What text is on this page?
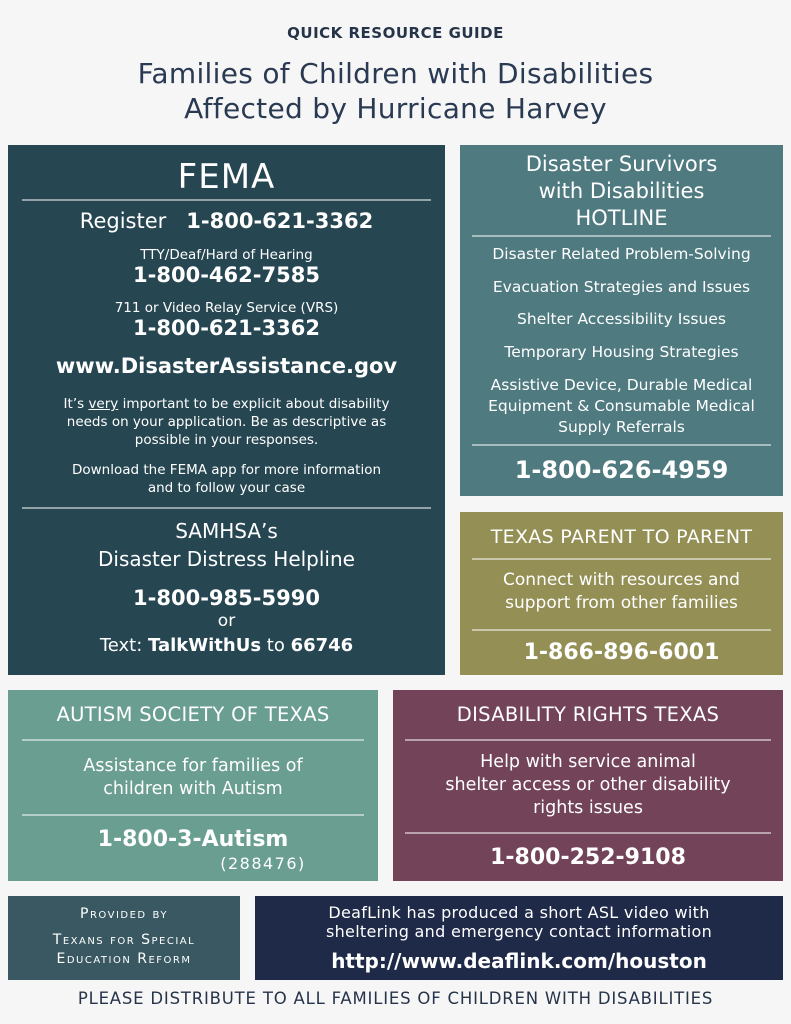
QUICK RESOURCE GUIDE
Families of Children with Disabilities
Affected by Hurricane Harvey
FEMA
Register 1-800-621-3362
TTY/Deaf/Hard of Hearing
1-800-462-7585
711 or Video Relay Service (VRS)
1-800-621-3362
www.DisasterAssistance.gov
It’s very important to be explicit about disability
needs on your application. Be as descriptive as
possible in your responses.
Download the FEMA app for more information
and to follow your case
SAMHSA’s
Disaster Distress Helpline
1-800-985-5990
or
Text: TalkWithUs to 66746
Disaster Survivors
with Disabilities
HOTLINE
Disaster Related Problem-Solving
Evacuation Strategies and Issues
Shelter Accessibility Issues
Temporary Housing Strategies
Assistive Device, Durable Medical
Equipment & Consumable Medical
Supply Referrals
1-800-626-4959
TEXAS PARENT TO PARENT
Connect with resources and
support from other families
1-866-896-6001
AUTISM SOCIETY OF TEXAS
Assistance for families of
children with Autism
1-800-3-Autism
(288476)
DISABILITY RIGHTS TEXAS
Help with service animal
shelter access or other disability
rights issues
1-800-252-9108
Provided by
Texans for Special
Education Reform
DeafLink has produced a short ASL video with
sheltering and emergency contact information
http://www.deaflink.com/houston
PLEASE DISTRIBUTE TO ALL FAMILIES OF CHILDREN WITH DISABILITIES
